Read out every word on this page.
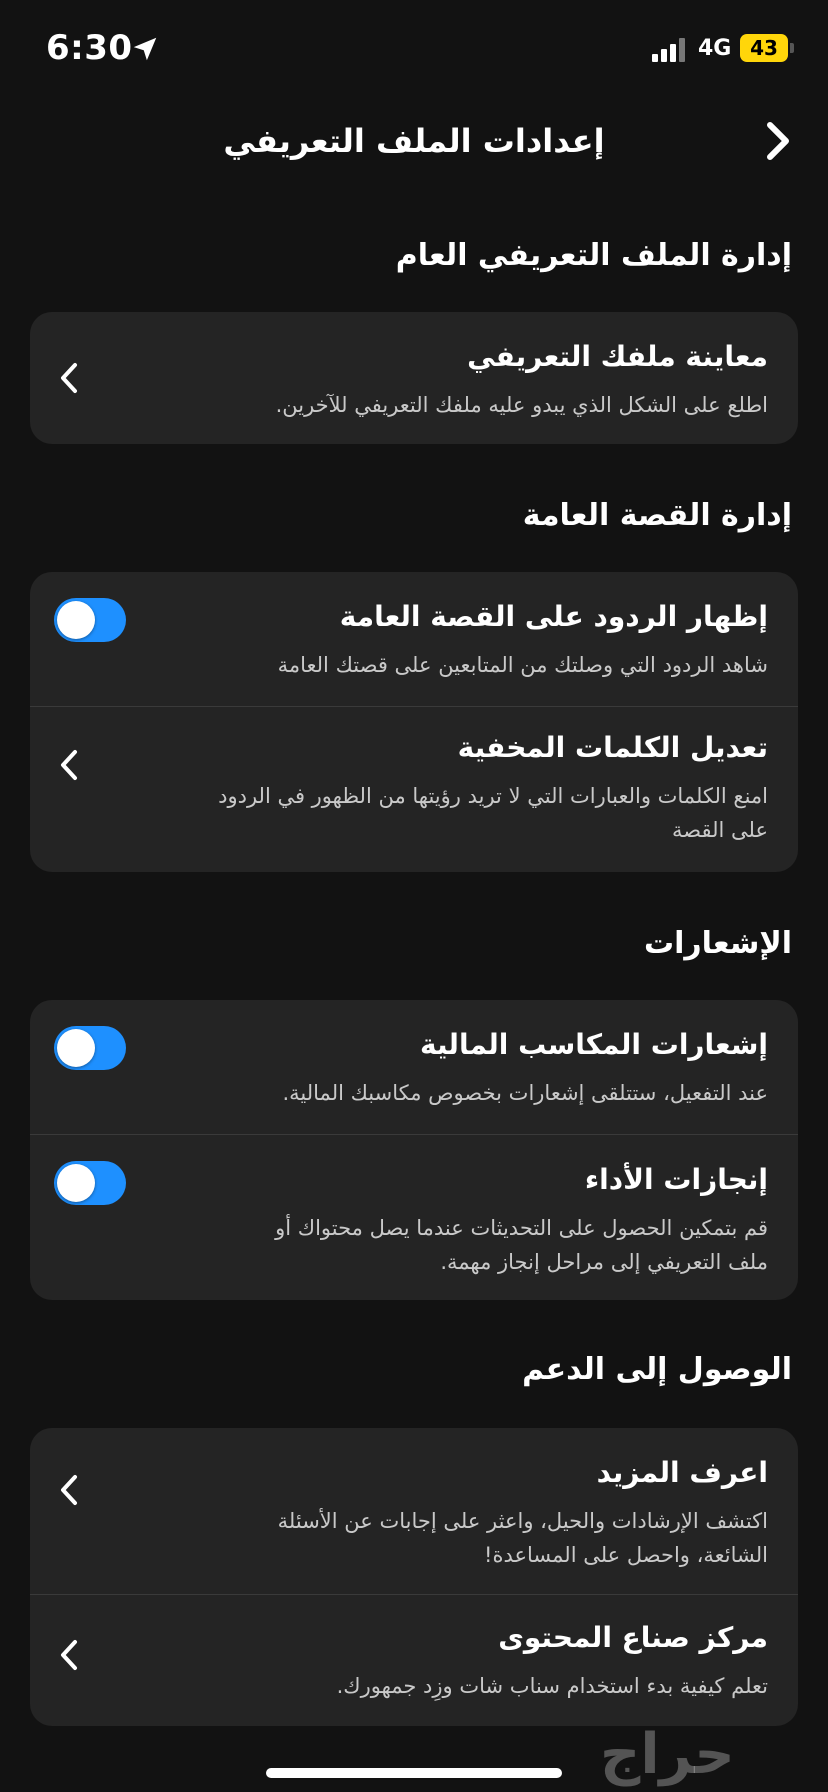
6:30	4G 43
إعدادات الملف التعريفي
إدارة الملف التعريفي العام
معاينة ملفك التعريفي
اطلع على الشكل الذي يبدو عليه ملفك التعريفي للآخرين.
إدارة القصة العامة
إظهار الردود على القصة العامة
شاهد الردود التي وصلتك من المتابعين على قصتك العامة
تعديل الكلمات المخفية
امنع الكلمات والعبارات التي لا تريد رؤيتها من الظهور في الردود
على القصة
الإشعارات
إشعارات المكاسب المالية
عند التفعيل، ستتلقى إشعارات بخصوص مكاسبك المالية.
إنجازات الأداء
قم بتمكين الحصول على التحديثات عندما يصل محتواك أو
ملف التعريفي إلى مراحل إنجاز مهمة.
الوصول إلى الدعم
اعرف المزيد
اكتشف الإرشادات والحيل، واعثر على إجابات عن الأسئلة
الشائعة، واحصل على المساعدة!
مركز صناع المحتوى
تعلم كيفية بدء استخدام سناب شات وزِد جمهورك.
حراج
